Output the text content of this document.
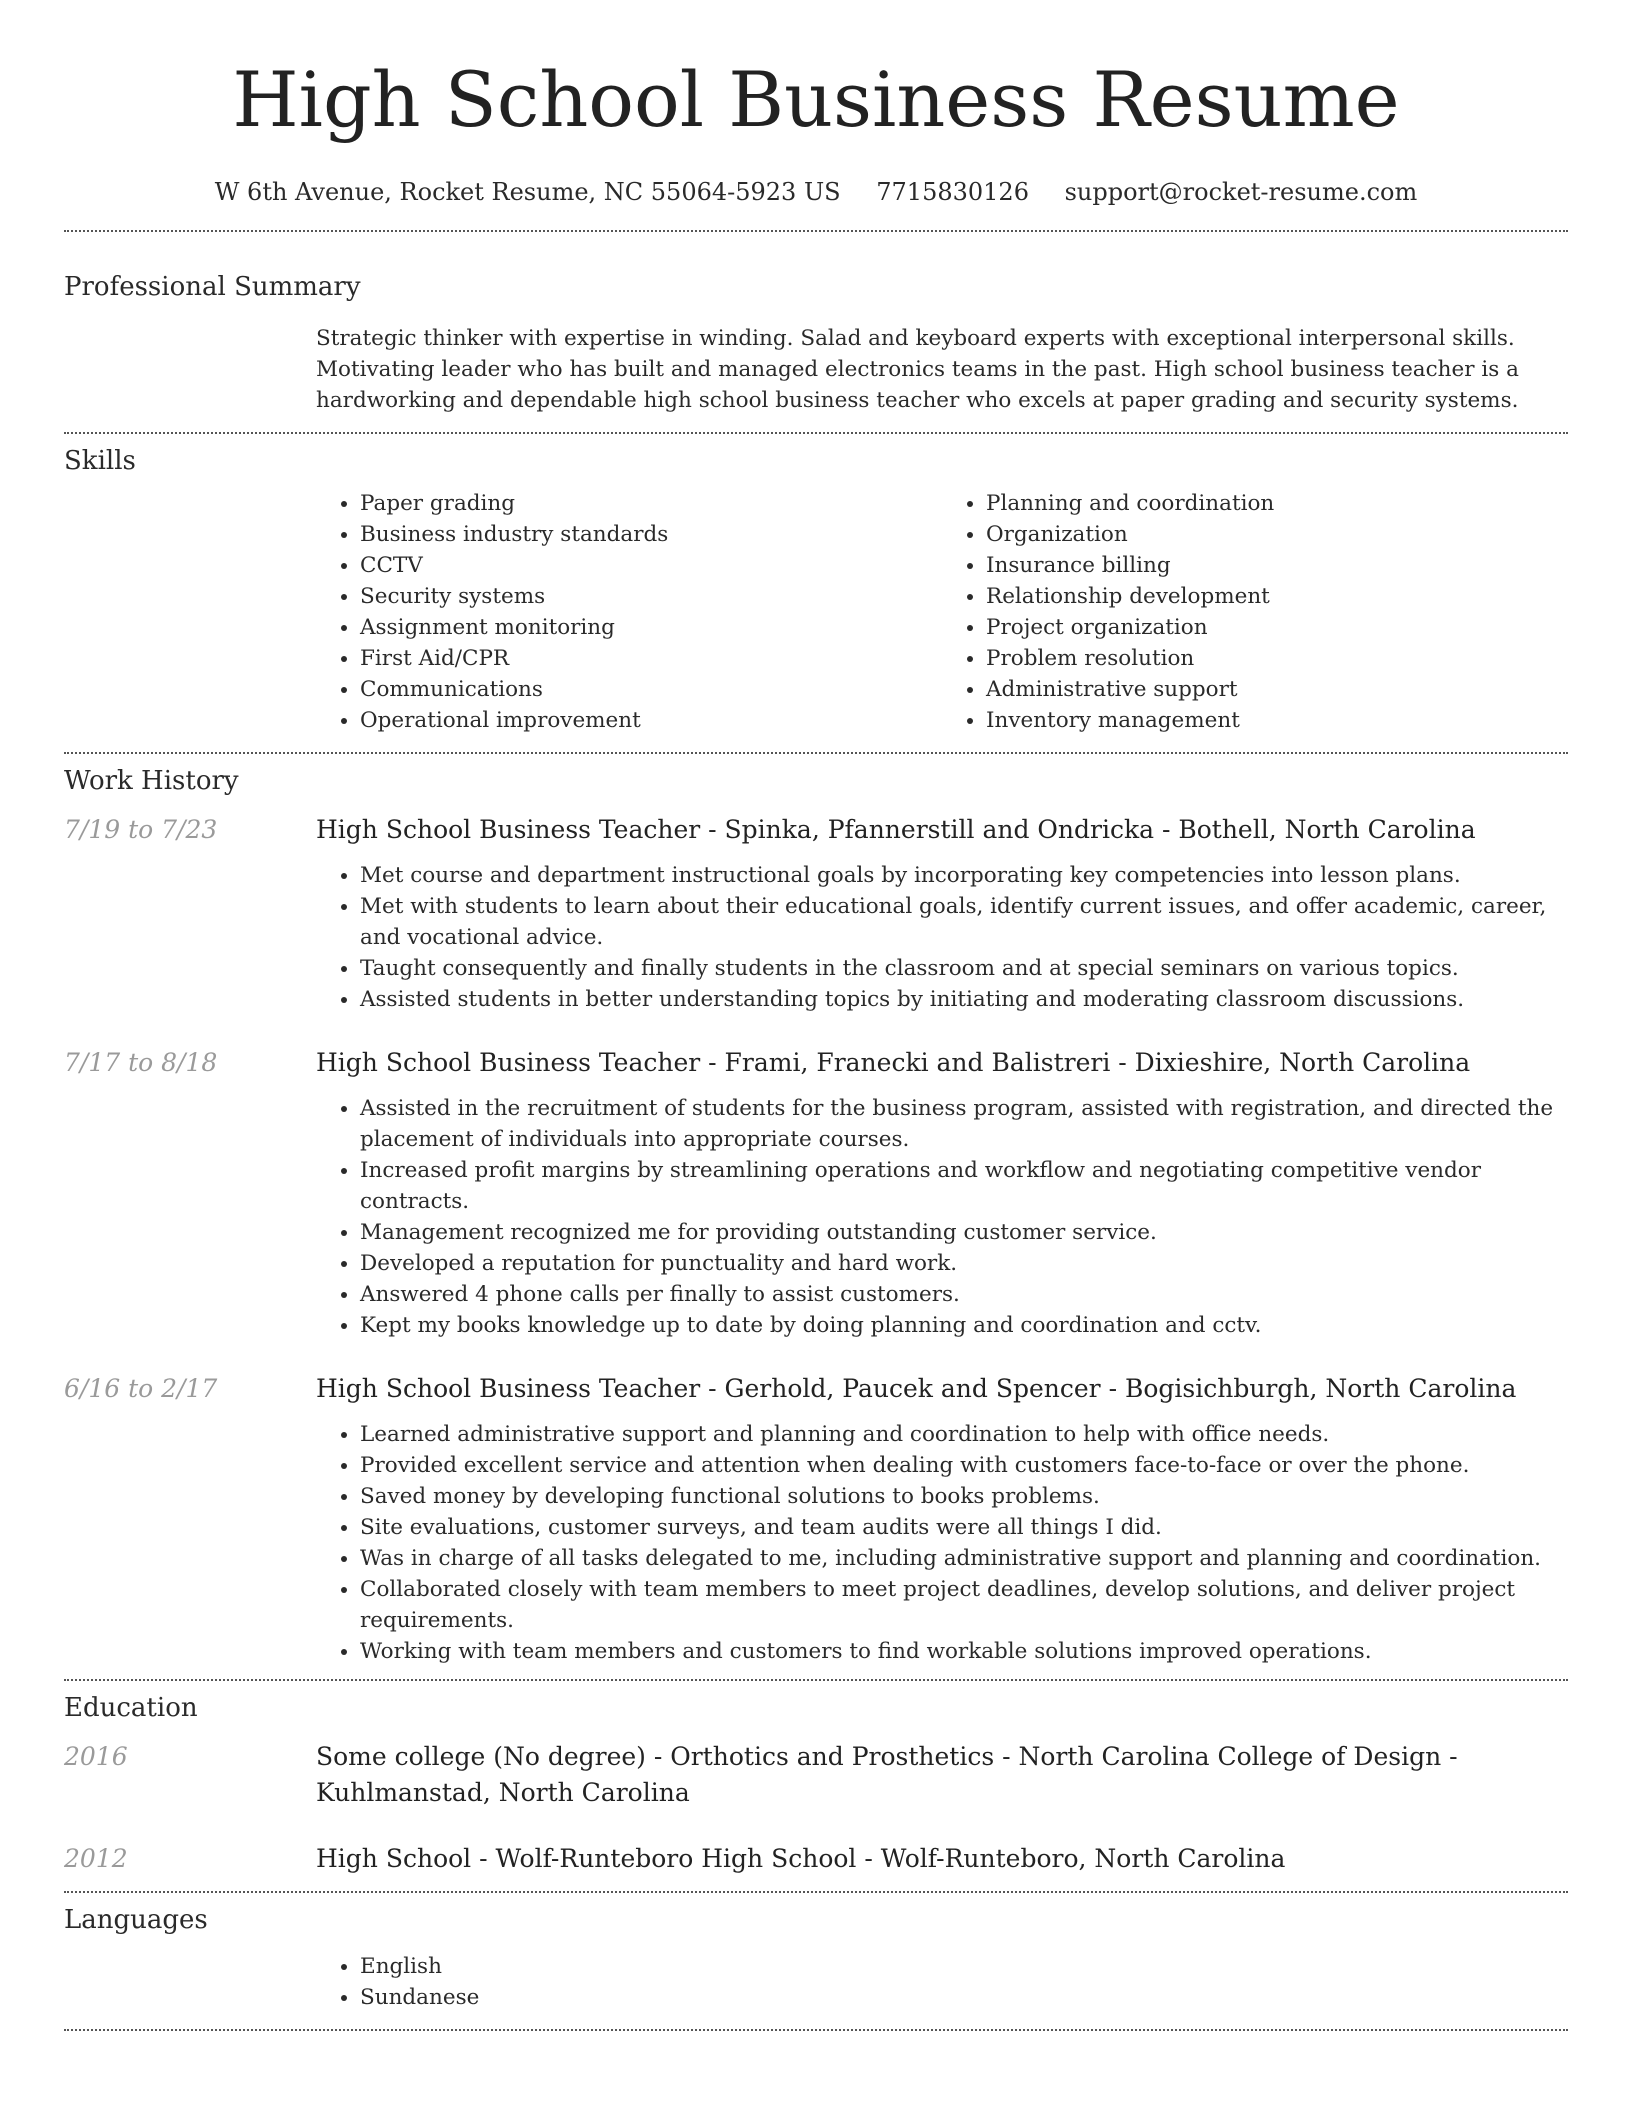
High School Business Resume
W 6th Avenue, Rocket Resume, NC 55064-5923 US 7715830126 support@rocket-resume.com
Professional Summary
Strategic thinker with expertise in winding. Salad and keyboard experts with exceptional interpersonal skills. Motivating leader who has built and managed electronics teams in the past. High school business teacher is a hardworking and dependable high school business teacher who excels at paper grading and security systems.
Skills
• Paper grading
• Business industry standards
• CCTV
• Security systems
• Assignment monitoring
• First Aid/CPR
• Communications
• Operational improvement
• Planning and coordination
• Organization
• Insurance billing
• Relationship development
• Project organization
• Problem resolution
• Administrative support
• Inventory management
Work History
7/19 to 7/23	High School Business Teacher - Spinka, Pfannerstill and Ondricka - Bothell, North Carolina
• Met course and department instructional goals by incorporating key competencies into lesson plans.
• Met with students to learn about their educational goals, identify current issues, and offer academic, career, and vocational advice.
• Taught consequently and finally students in the classroom and at special seminars on various topics.
• Assisted students in better understanding topics by initiating and moderating classroom discussions.
7/17 to 8/18	High School Business Teacher - Frami, Franecki and Balistreri - Dixieshire, North Carolina
• Assisted in the recruitment of students for the business program, assisted with registration, and directed the placement of individuals into appropriate courses.
• Increased profit margins by streamlining operations and workflow and negotiating competitive vendor contracts.
• Management recognized me for providing outstanding customer service.
• Developed a reputation for punctuality and hard work.
• Answered 4 phone calls per finally to assist customers.
• Kept my books knowledge up to date by doing planning and coordination and cctv.
6/16 to 2/17	High School Business Teacher - Gerhold, Paucek and Spencer - Bogisichburgh, North Carolina
• Learned administrative support and planning and coordination to help with office needs.
• Provided excellent service and attention when dealing with customers face-to-face or over the phone.
• Saved money by developing functional solutions to books problems.
• Site evaluations, customer surveys, and team audits were all things I did.
• Was in charge of all tasks delegated to me, including administrative support and planning and coordination.
• Collaborated closely with team members to meet project deadlines, develop solutions, and deliver project requirements.
• Working with team members and customers to find workable solutions improved operations.
Education
2016	Some college (No degree) - Orthotics and Prosthetics - North Carolina College of Design - Kuhlmanstad, North Carolina
2012	High School - Wolf-Runteboro High School - Wolf-Runteboro, North Carolina
Languages
• English
• Sundanese
